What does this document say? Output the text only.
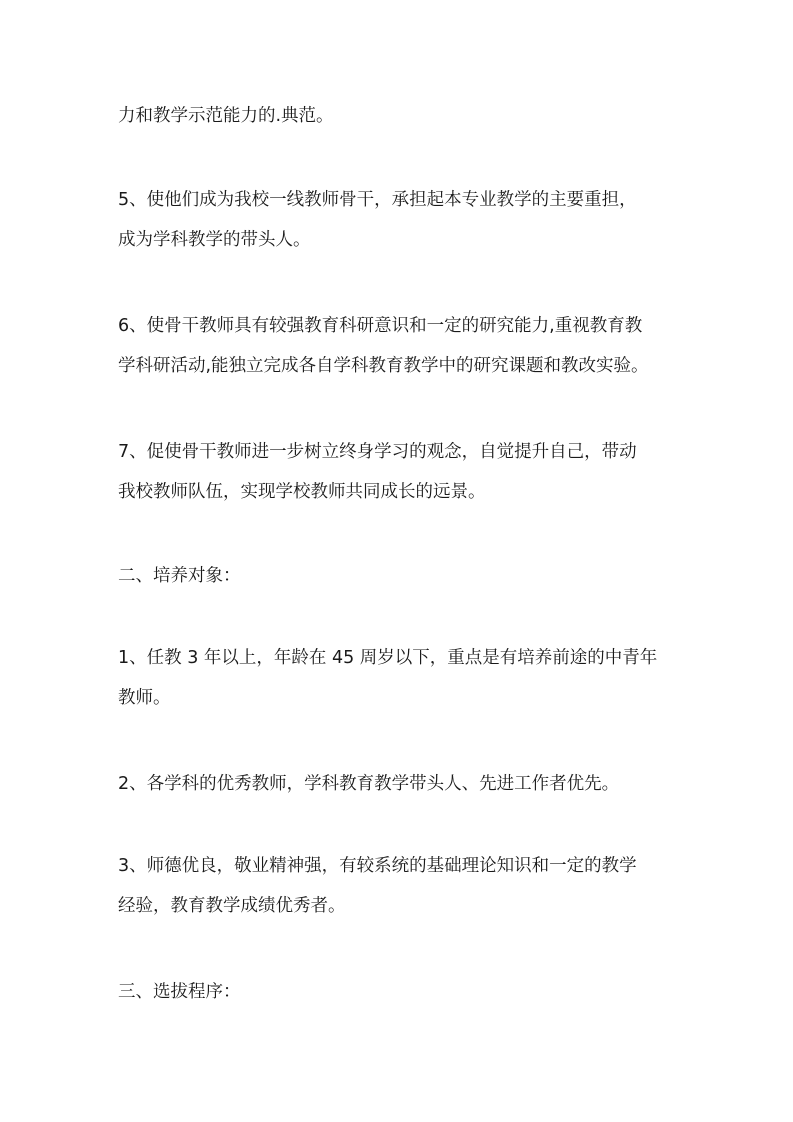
力和教学示范能力的.典范。

5、使他们成为我校一线教师骨干，承担起本专业教学的主要重担，
成为学科教学的带头人。

6、使骨干教师具有较强教育科研意识和一定的研究能力,重视教育教
学科研活动,能独立完成各自学科教育教学中的研究课题和教改实验。

7、促使骨干教师进一步树立终身学习的观念，自觉提升自己，带动
我校教师队伍，实现学校教师共同成长的远景。

二、培养对象：

1、任教 3 年以上，年龄在 45 周岁以下，重点是有培养前途的中青年
教师。

2、各学科的优秀教师，学科教育教学带头人、先进工作者优先。

3、师德优良，敬业精神强，有较系统的基础理论知识和一定的教学
经验，教育教学成绩优秀者。

三、选拔程序：
